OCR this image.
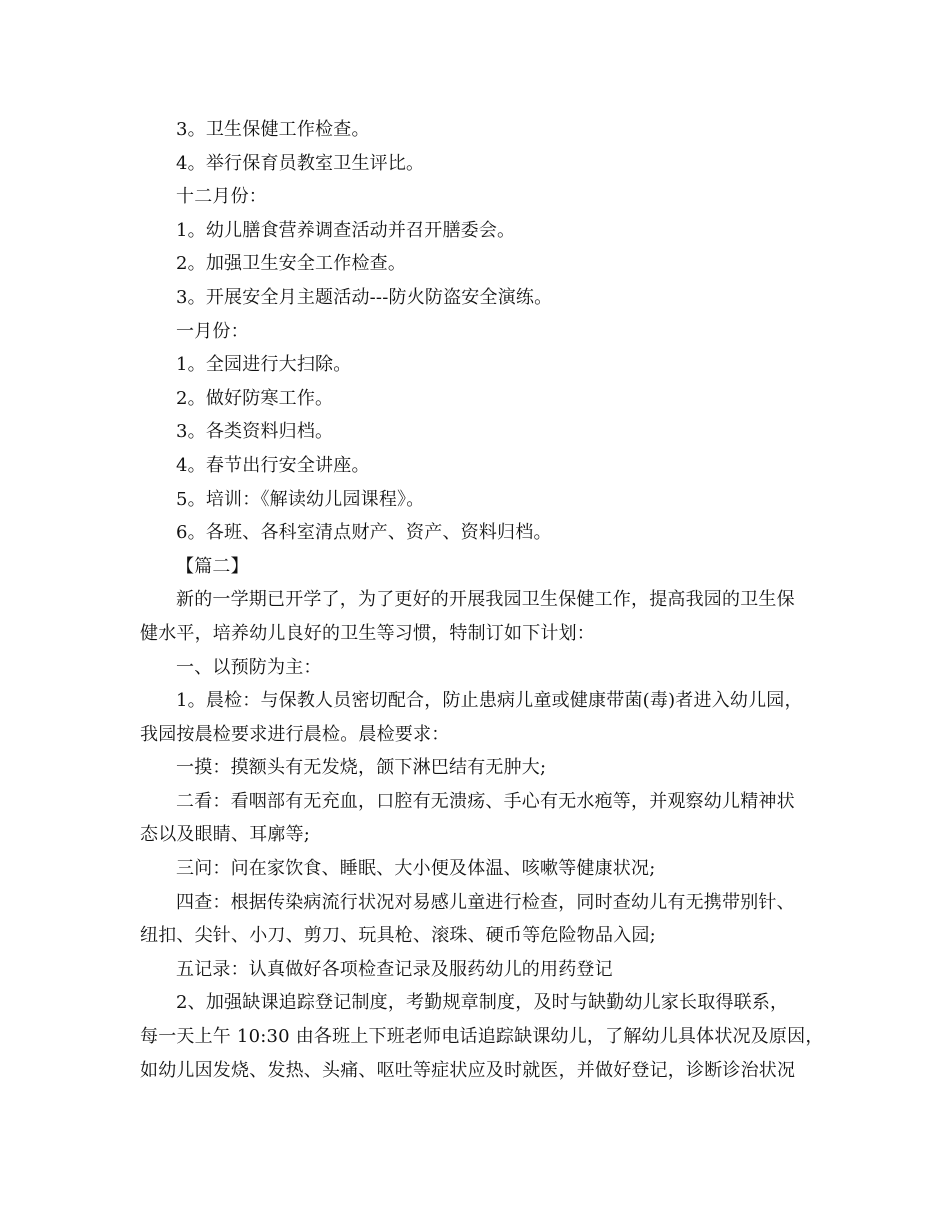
3。卫生保健工作检查。
4。举行保育员教室卫生评比。
十二月份：
1。幼儿膳食营养调查活动并召开膳委会。
2。加强卫生安全工作检查。
3。开展安全月主题活动---防火防盗安全演练。
一月份：
1。全园进行大扫除。
2。做好防寒工作。
3。各类资料归档。
4。春节出行安全讲座。
5。培训：《解读幼儿园课程》。
6。各班、各科室清点财产、资产、资料归档。
【篇二】
新的一学期已开学了，为了更好的开展我园卫生保健工作，提高我园的卫生保
健水平，培养幼儿良好的卫生等习惯，特制订如下计划：
一、以预防为主：
1。晨检：与保教人员密切配合，防止患病儿童或健康带菌(毒)者进入幼儿园，
我园按晨检要求进行晨检。晨检要求：
一摸：摸额头有无发烧，颌下淋巴结有无肿大;
二看：看咽部有无充血，口腔有无溃疡、手心有无水疱等，并观察幼儿精神状
态以及眼睛、耳廓等;
三问：问在家饮食、睡眠、大小便及体温、咳嗽等健康状况;
四查：根据传染病流行状况对易感儿童进行检查，同时查幼儿有无携带别针、
纽扣、尖针、小刀、剪刀、玩具枪、滚珠、硬币等危险物品入园;
五记录：认真做好各项检查记录及服药幼儿的用药登记
2、加强缺课追踪登记制度，考勤规章制度，及时与缺勤幼儿家长取得联系，
每一天上午 10:30 由各班上下班老师电话追踪缺课幼儿，了解幼儿具体状况及原因，
如幼儿因发烧、发热、头痛、呕吐等症状应及时就医，并做好登记，诊断诊治状况
